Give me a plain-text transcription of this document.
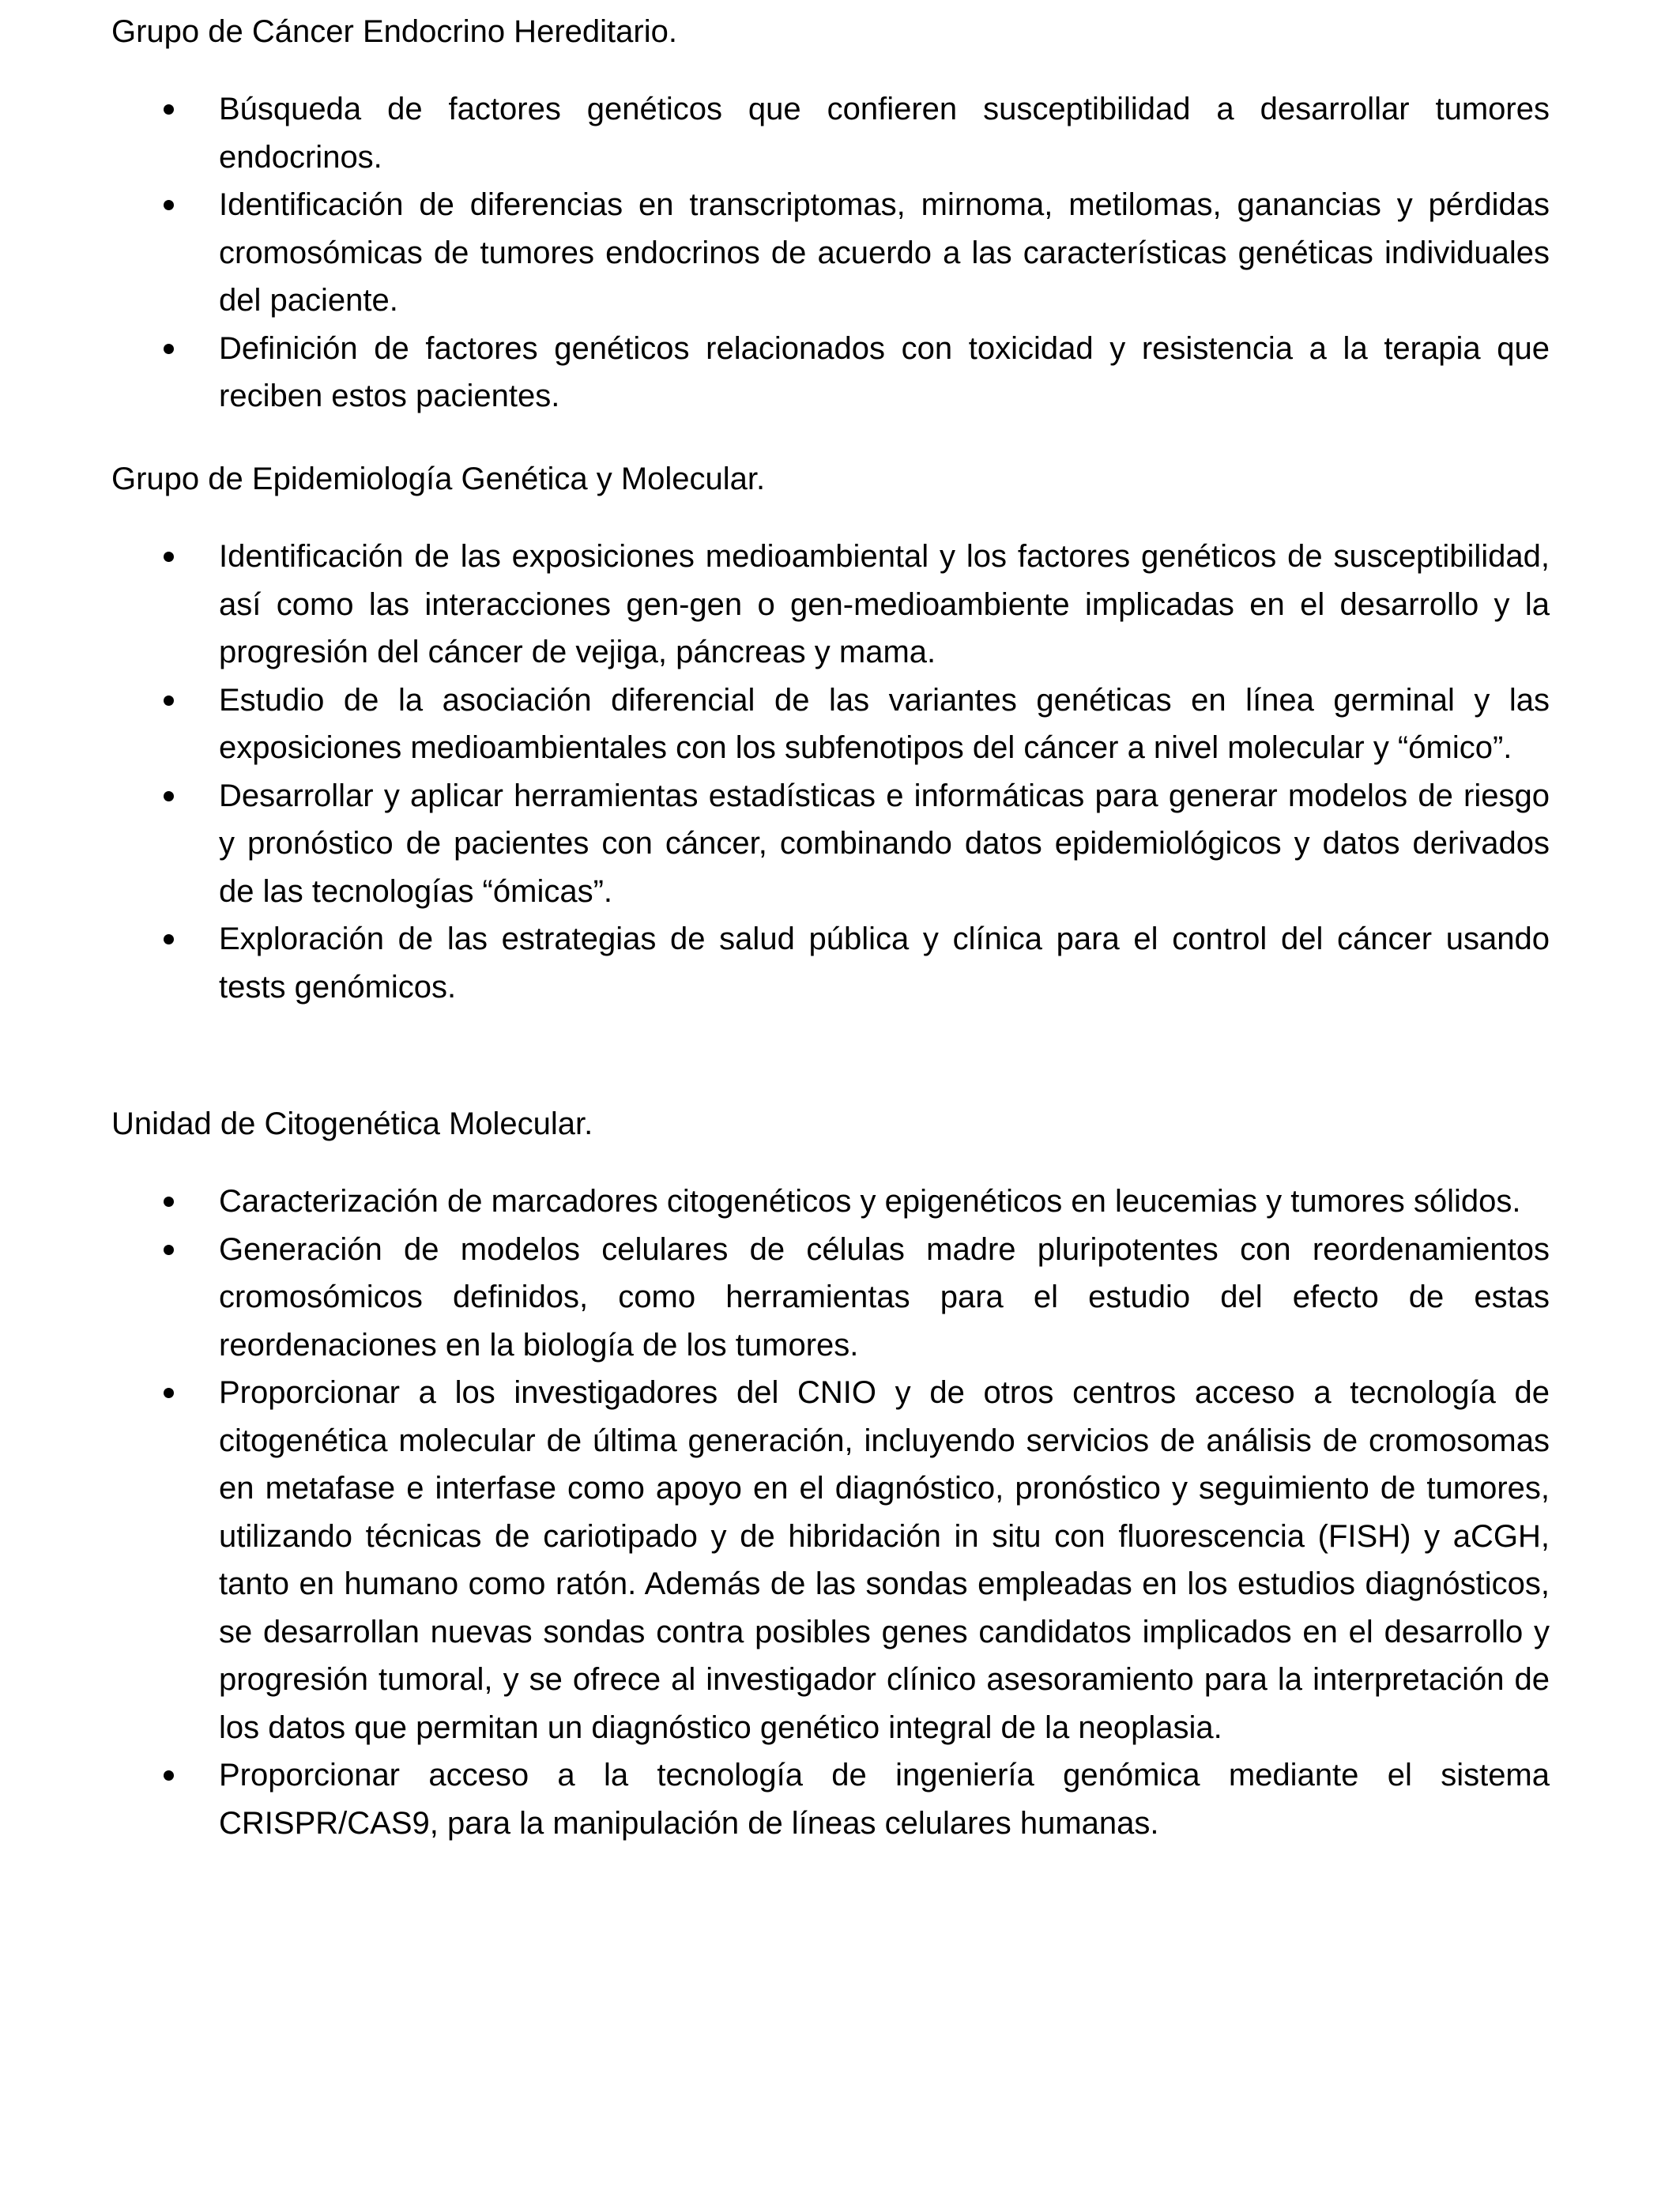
Grupo de Cáncer Endocrino Hereditario.

Búsqueda de factores genéticos que confieren susceptibilidad a desarrollar tumores endocrinos.
Identificación de diferencias en transcriptomas, mirnoma, metilomas, ganancias y pérdidas cromosómicas de tumores endocrinos de acuerdo a las características genéticas individuales del paciente.
Definición de factores genéticos relacionados con toxicidad y resistencia a la terapia que reciben estos pacientes.

Grupo de Epidemiología Genética y Molecular.

Identificación de las exposiciones medioambiental y los factores genéticos de susceptibilidad, así como las interacciones gen-gen o gen-medioambiente implicadas en el desarrollo y la progresión del cáncer de vejiga, páncreas y mama.
Estudio de la asociación diferencial de las variantes genéticas en línea germinal y las exposiciones medioambientales con los subfenotipos del cáncer a nivel molecular y “ómico”.
Desarrollar y aplicar herramientas estadísticas e informáticas para generar modelos de riesgo y pronóstico de pacientes con cáncer, combinando datos epidemiológicos y datos derivados de las tecnologías “ómicas”.
Exploración de las estrategias de salud pública y clínica para el control del cáncer usando tests genómicos.

Unidad de Citogenética Molecular.

Caracterización de marcadores citogenéticos y epigenéticos en leucemias y tumores sólidos.
Generación de modelos celulares de células madre pluripotentes con reordenamientos cromosómicos definidos, como herramientas para el estudio del efecto de estas reordenaciones en la biología de los tumores.
Proporcionar a los investigadores del CNIO y de otros centros acceso a tecnología de citogenética molecular de última generación, incluyendo servicios de análisis de cromosomas en metafase e interfase como apoyo en el diagnóstico, pronóstico y seguimiento de tumores, utilizando técnicas de cariotipado y de hibridación in situ con fluorescencia (FISH) y aCGH, tanto en humano como ratón. Además de las sondas empleadas en los estudios diagnósticos, se desarrollan nuevas sondas contra posibles genes candidatos implicados en el desarrollo y progresión tumoral, y se ofrece al investigador clínico asesoramiento para la interpretación de los datos que permitan un diagnóstico genético integral de la neoplasia.
Proporcionar acceso a la tecnología de ingeniería genómica mediante el sistema CRISPR/CAS9, para la manipulación de líneas celulares humanas.
